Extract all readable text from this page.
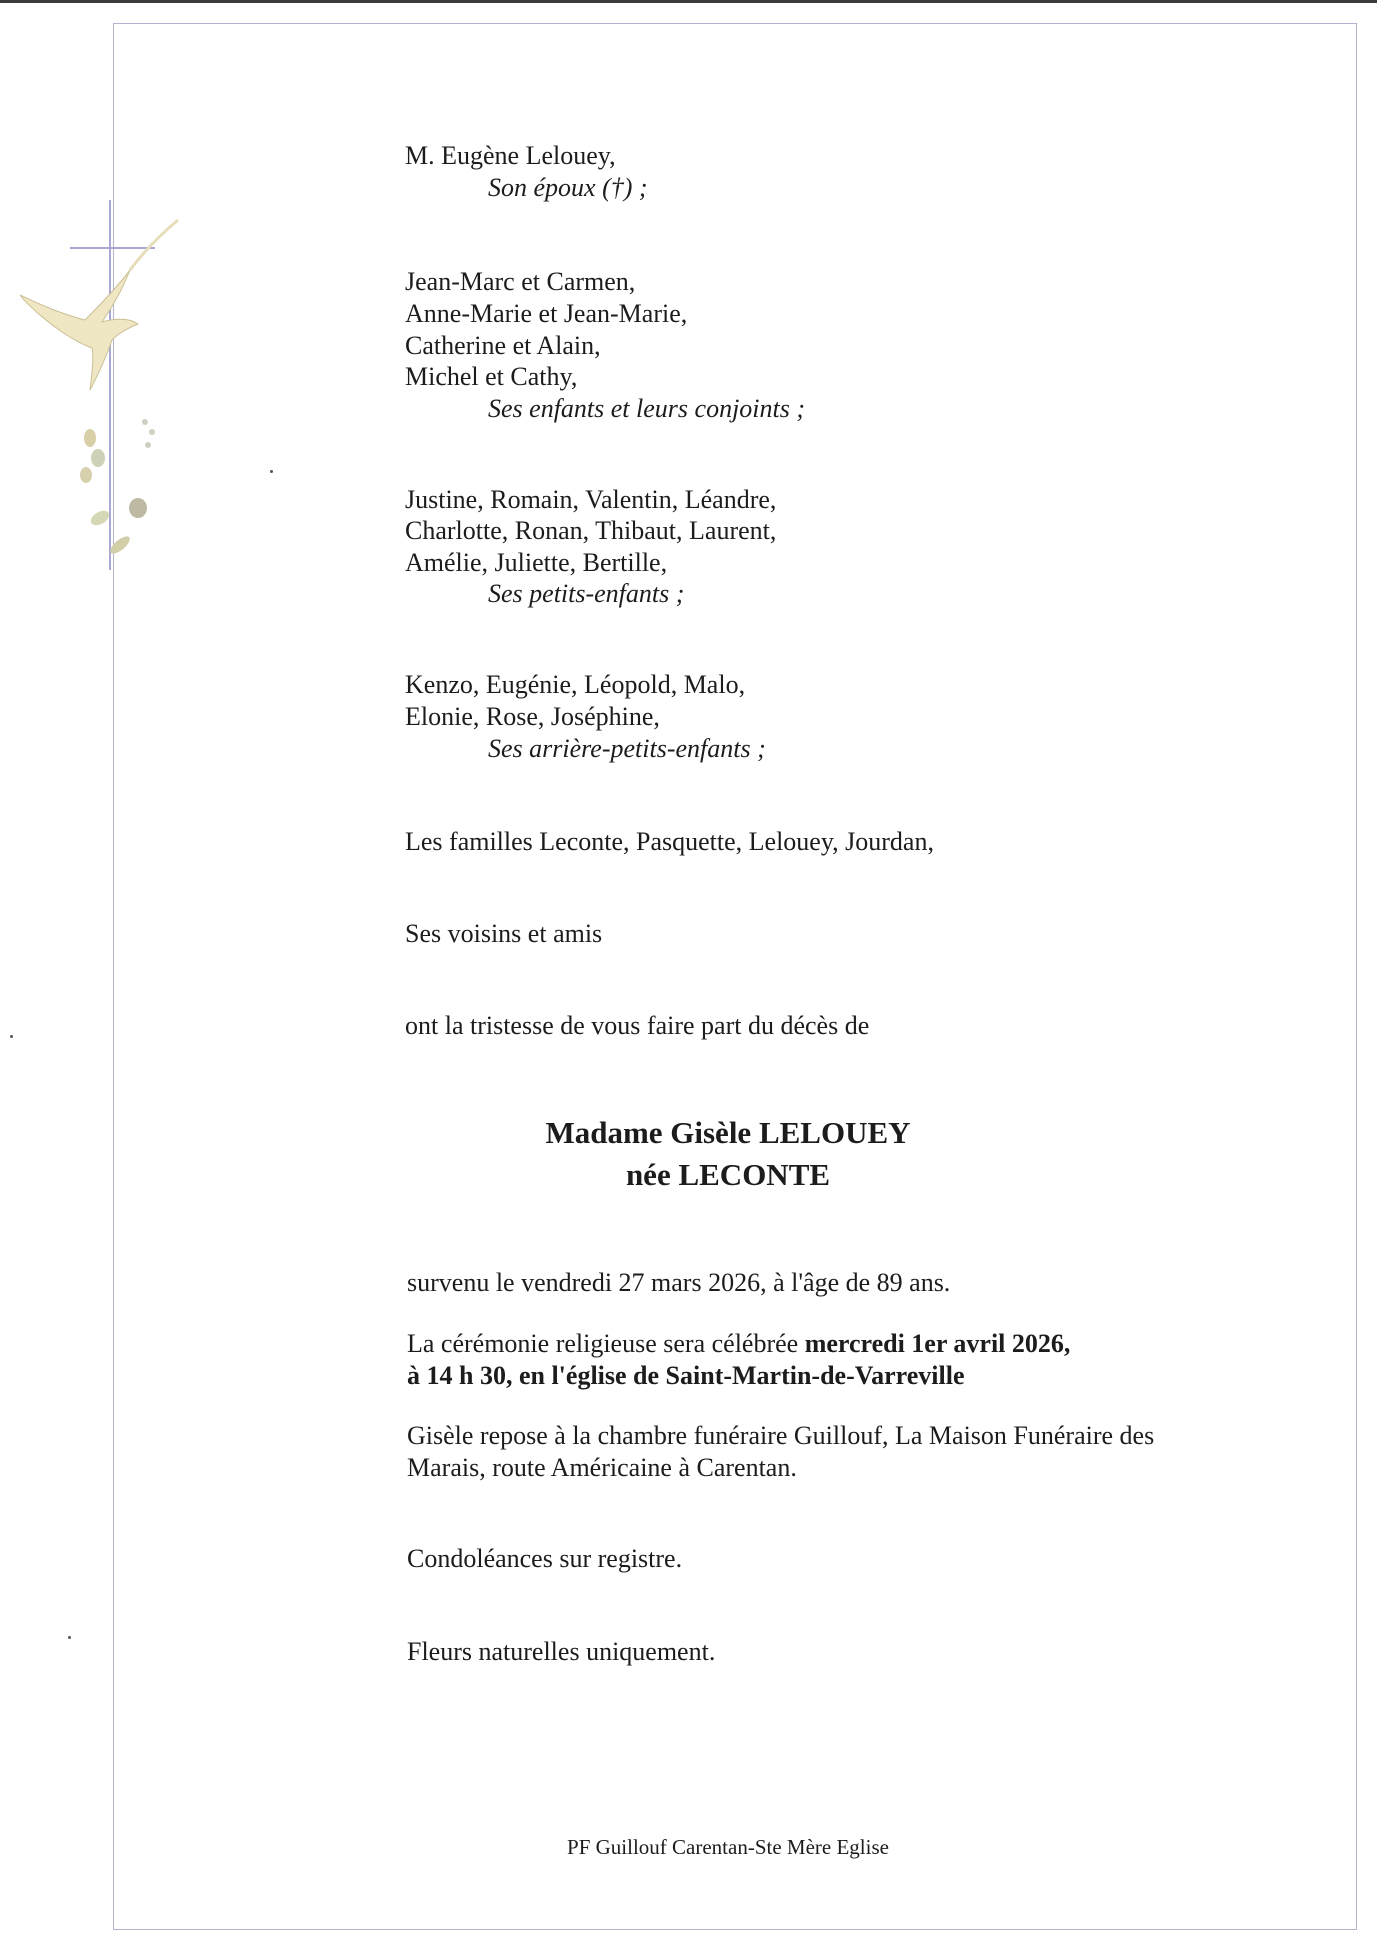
M. Eugène Lelouey,
Son époux (†) ;
Jean-Marc et Carmen,
Anne-Marie et Jean-Marie,
Catherine et Alain,
Michel et Cathy,
Ses enfants et leurs conjoints ;
Justine, Romain, Valentin, Léandre,
Charlotte, Ronan, Thibaut, Laurent,
Amélie, Juliette, Bertille,
Ses petits-enfants ;
Kenzo, Eugénie, Léopold, Malo,
Elonie, Rose, Joséphine,
Ses arrière-petits-enfants ;
Les familles Leconte, Pasquette, Lelouey, Jourdan,
Ses voisins et amis
ont la tristesse de vous faire part du décès de
Madame Gisèle LELOUEY
née LECONTE
survenu le vendredi 27 mars 2026, à l'âge de 89 ans.
La cérémonie religieuse sera célébrée mercredi 1er avril 2026,
à 14 h 30, en l'église de Saint-Martin-de-Varreville
Gisèle repose à la chambre funéraire Guillouf, La Maison Funéraire des
Marais, route Américaine à Carentan.
Condoléances sur registre.
Fleurs naturelles uniquement.
PF Guillouf Carentan-Ste Mère Eglise
